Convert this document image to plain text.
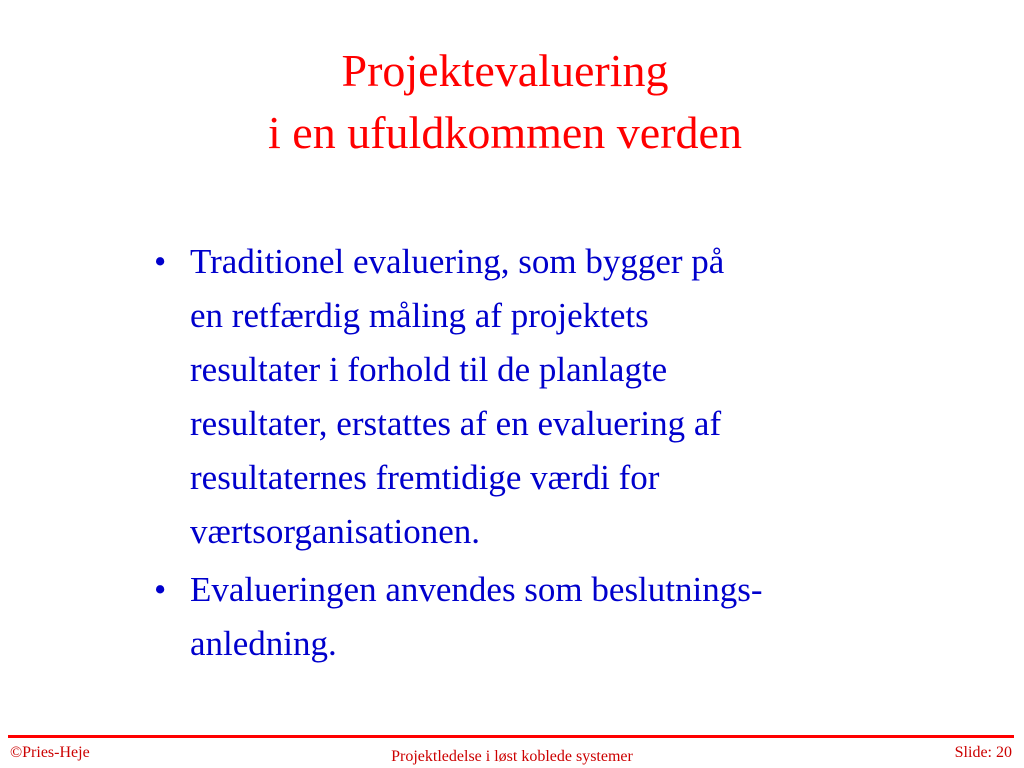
Projektevaluering
i en ufuldkommen verden
• Traditionel evaluering, som bygger på
en retfærdig måling af projektets
resultater i forhold til de planlagte
resultater, erstattes af en evaluering af
resultaternes fremtidige værdi for
værtsorganisationen.
• Evalueringen anvendes som beslutnings-
anledning.
©Pries-Heje	Projektledelse i løst koblede systemer	Slide: 20
